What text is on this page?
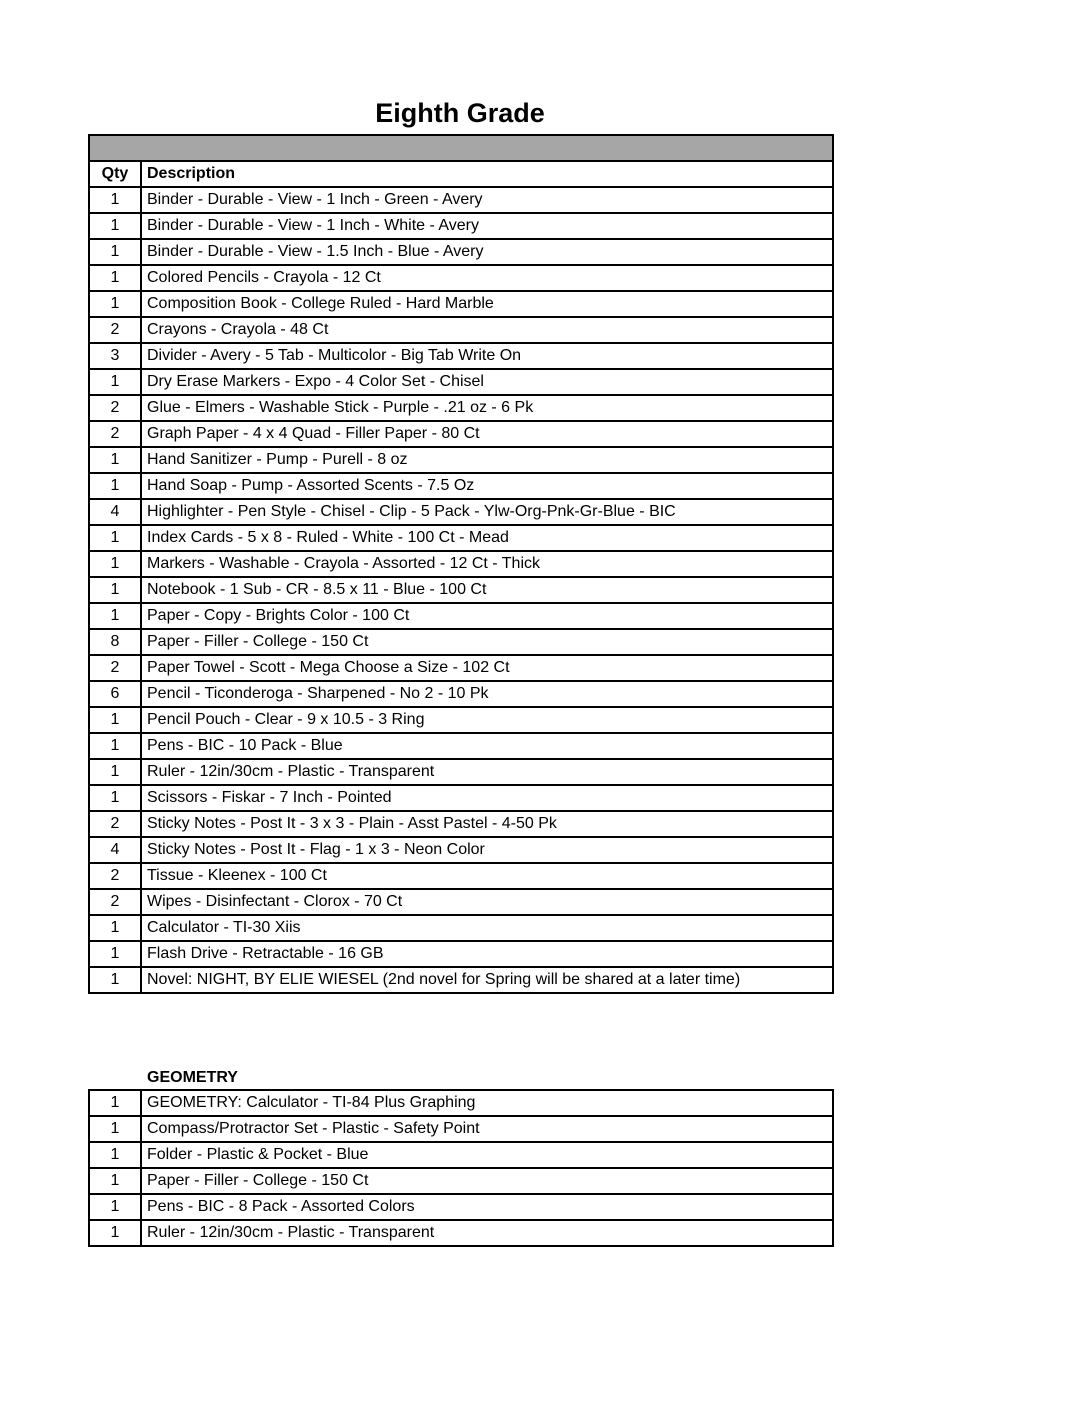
Eighth Grade

Qty	Description
1	Binder - Durable - View - 1 Inch - Green - Avery
1	Binder - Durable - View - 1 Inch - White - Avery
1	Binder - Durable - View - 1.5 Inch - Blue - Avery
1	Colored Pencils - Crayola - 12 Ct
1	Composition Book - College Ruled - Hard Marble
2	Crayons - Crayola - 48 Ct
3	Divider - Avery - 5 Tab - Multicolor - Big Tab Write On
1	Dry Erase Markers - Expo - 4 Color Set - Chisel
2	Glue - Elmers - Washable Stick - Purple - .21 oz - 6 Pk
2	Graph Paper - 4 x 4 Quad - Filler Paper - 80 Ct
1	Hand Sanitizer - Pump - Purell - 8 oz
1	Hand Soap - Pump - Assorted Scents - 7.5 Oz
4	Highlighter - Pen Style - Chisel - Clip - 5 Pack - Ylw-Org-Pnk-Gr-Blue - BIC
1	Index Cards - 5 x 8 - Ruled - White - 100 Ct - Mead
1	Markers - Washable - Crayola - Assorted - 12 Ct - Thick
1	Notebook - 1 Sub - CR - 8.5 x 11 - Blue - 100 Ct
1	Paper - Copy - Brights Color - 100 Ct
8	Paper - Filler - College - 150 Ct
2	Paper Towel - Scott - Mega Choose a Size - 102 Ct
6	Pencil - Ticonderoga - Sharpened - No 2 - 10 Pk
1	Pencil Pouch - Clear - 9 x 10.5 - 3 Ring
1	Pens - BIC - 10 Pack - Blue
1	Ruler - 12in/30cm - Plastic - Transparent
1	Scissors - Fiskar - 7 Inch - Pointed
2	Sticky Notes - Post It - 3 x 3 - Plain - Asst Pastel - 4-50 Pk
4	Sticky Notes - Post It - Flag - 1 x 3 - Neon Color
2	Tissue - Kleenex - 100 Ct
2	Wipes - Disinfectant - Clorox - 70 Ct
1	Calculator - TI-30 Xiis
1	Flash Drive - Retractable - 16 GB
1	Novel: NIGHT, BY ELIE WIESEL (2nd novel for Spring will be shared at a later time)
GEOMETRY
1	GEOMETRY: Calculator - TI-84 Plus Graphing
1	Compass/Protractor Set - Plastic - Safety Point
1	Folder - Plastic & Pocket - Blue
1	Paper - Filler - College - 150 Ct
1	Pens - BIC - 8 Pack - Assorted Colors
1	Ruler - 12in/30cm - Plastic - Transparent
